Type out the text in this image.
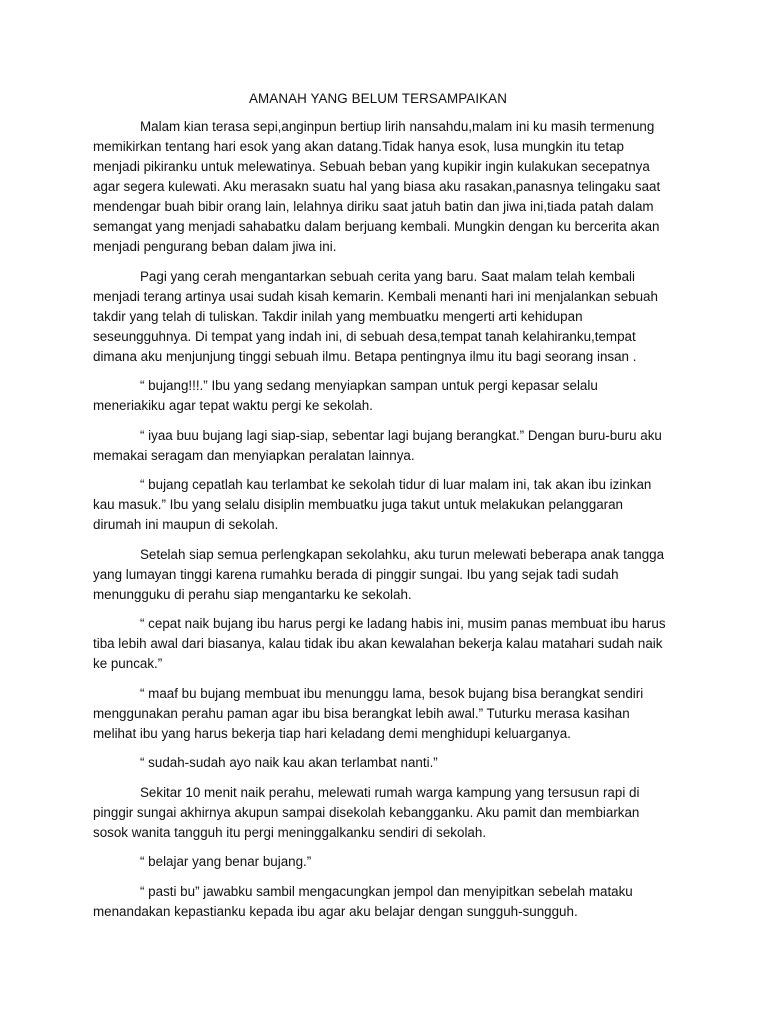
AMANAH YANG BELUM TERSAMPAIKAN

Malam kian terasa sepi,anginpun bertiup lirih nansahdu,malam ini ku masih termenung memikirkan tentang hari esok yang akan datang.Tidak hanya esok, lusa mungkin itu tetap menjadi pikiranku untuk melewatinya. Sebuah beban yang kupikir ingin kulakukan secepatnya agar segera kulewati. Aku merasakn suatu hal yang biasa aku rasakan,panasnya telingaku saat mendengar buah bibir orang lain, lelahnya diriku saat jatuh batin dan jiwa ini,tiada patah dalam semangat yang menjadi sahabatku dalam berjuang kembali. Mungkin dengan ku bercerita akan menjadi pengurang beban dalam jiwa ini.

Pagi yang cerah mengantarkan sebuah cerita yang baru. Saat malam telah kembali menjadi terang artinya usai sudah kisah kemarin. Kembali menanti hari ini menjalankan sebuah takdir yang telah di tuliskan. Takdir inilah yang membuatku mengerti arti kehidupan seseungguhnya. Di tempat yang indah ini, di sebuah desa,tempat tanah kelahiranku,tempat dimana aku menjunjung tinggi sebuah ilmu. Betapa pentingnya ilmu itu bagi seorang insan .

“ bujang!!!.” Ibu yang sedang menyiapkan sampan untuk pergi kepasar selalu meneriakiku agar tepat waktu pergi ke sekolah.

“ iyaa buu bujang lagi siap-siap, sebentar lagi bujang berangkat.” Dengan buru-buru aku memakai seragam dan menyiapkan peralatan lainnya.

“ bujang cepatlah kau terlambat ke sekolah tidur di luar malam ini, tak akan ibu izinkan kau masuk.” Ibu yang selalu disiplin membuatku juga takut untuk melakukan pelanggaran dirumah ini maupun di sekolah.

Setelah siap semua perlengkapan sekolahku, aku turun melewati beberapa anak tangga yang lumayan tinggi karena rumahku berada di pinggir sungai. Ibu yang sejak tadi sudah menungguku di perahu siap mengantarku ke sekolah.

“ cepat naik bujang ibu harus pergi ke ladang habis ini, musim panas membuat ibu harus tiba lebih awal dari biasanya, kalau tidak ibu akan kewalahan bekerja kalau matahari sudah naik ke puncak.”

“ maaf bu bujang membuat ibu menunggu lama, besok bujang bisa berangkat sendiri menggunakan perahu paman agar ibu bisa berangkat lebih awal.” Tuturku merasa kasihan melihat ibu yang harus bekerja tiap hari keladang demi menghidupi keluarganya.

“ sudah-sudah ayo naik kau akan terlambat nanti.”

Sekitar 10 menit naik perahu, melewati rumah warga kampung yang tersusun rapi di pinggir sungai akhirnya akupun sampai disekolah kebangganku. Aku pamit dan membiarkan sosok wanita tangguh itu pergi meninggalkanku sendiri di sekolah.

“ belajar yang benar bujang.”

“ pasti bu” jawabku sambil mengacungkan jempol dan menyipitkan sebelah mataku menandakan kepastianku kepada ibu agar aku belajar dengan sungguh-sungguh.
